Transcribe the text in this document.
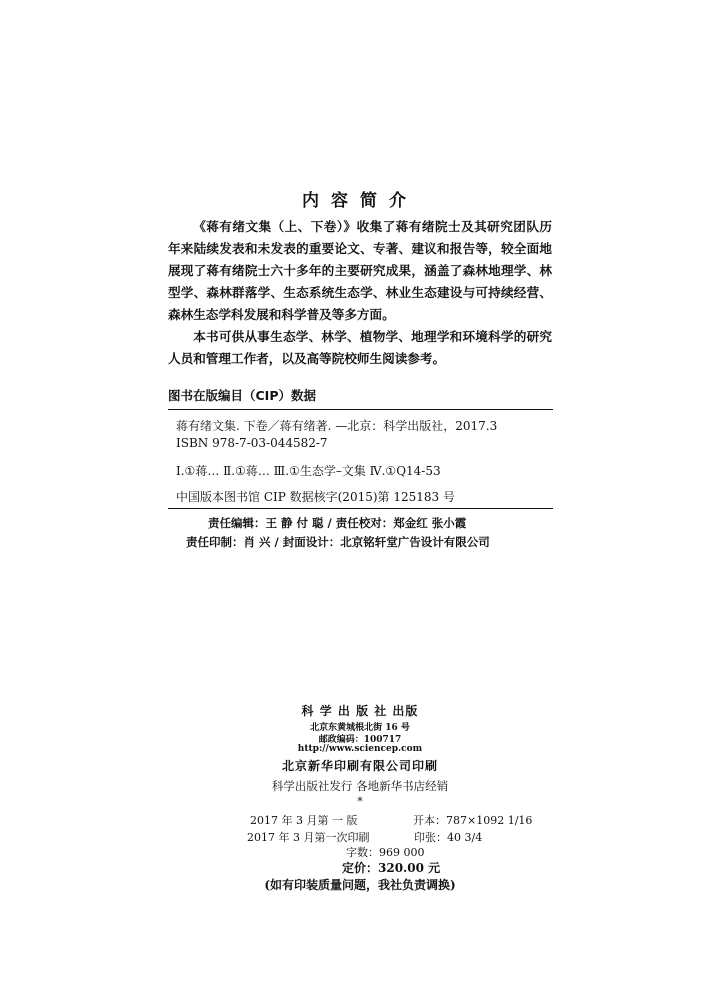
内容简介

《蒋有绪文集（上、下卷）》收集了蒋有绪院士及其研究团队历年来陆续发表和未发表的重要论文、专著、建议和报告等，较全面地展现了蒋有绪院士六十多年的主要研究成果，涵盖了森林地理学、林型学、森林群落学、生态系统生态学、林业生态建设与可持续经营、森林生态学科发展和科学普及等多方面。

本书可供从事生态学、林学、植物学、地理学和环境科学的研究人员和管理工作者，以及高等院校师生阅读参考。

图书在版编目（CIP）数据
蒋有绪文集. 下卷／蒋有绪著. —北京：科学出版社，2017.3
ISBN 978-7-03-044582-7
Ⅰ.①蒋… Ⅱ.①蒋… Ⅲ.①生态学–文集 Ⅳ.①Q14-53
中国版本图书馆 CIP 数据核字(2015)第 125183 号
责任编辑：王 静 付 聪 / 责任校对：郑金红 张小霞
责任印制：肖 兴 / 封面设计：北京铭轩堂广告设计有限公司
科 学 出 版 社 出版
北京东黄城根北街 16 号
邮政编码：100717
http://www.sciencep.com
北京新华印刷有限公司印刷
科学出版社发行 各地新华书店经销
*
2017 年 3 月第 一 版	开本：787×1092 1/16
2017 年 3 月第一次印刷	印张：40 3/4
字数：969 000
定价：320.00 元
(如有印装质量问题，我社负责调换)
